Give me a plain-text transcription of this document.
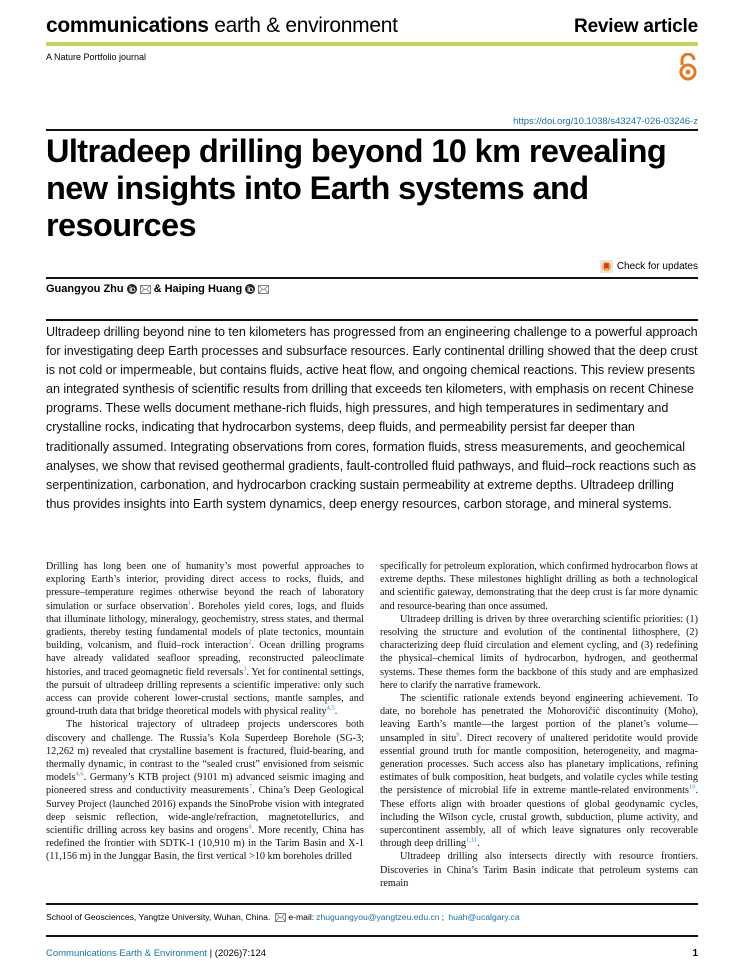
communications earth & environment	Review article
A Nature Portfolio journal
https://doi.org/10.1038/s43247-026-03246-z
Ultradeep drilling beyond 10 km revealing new insights into Earth systems and resources
Check for updates
Guangyou Zhu	& Haiping Huang

Ultradeep drilling beyond nine to ten kilometers has progressed from an engineering challenge to a powerful approach for investigating deep Earth processes and subsurface resources. Early continental drilling showed that the deep crust is not cold or impermeable, but contains fluids, active heat flow, and ongoing chemical reactions. This review presents an integrated synthesis of scientific results from drilling that exceeds ten kilometers, with emphasis on recent Chinese programs. These wells document methane-rich fluids, high pressures, and high temperatures in sedimentary and crystalline rocks, indicating that hydrocarbon systems, deep fluids, and permeability persist far deeper than traditionally assumed. Integrating observations from cores, formation fluids, stress measurements, and geochemical analyses, we show that revised geothermal gradients, fault-controlled fluid pathways, and fluid–rock reactions such as serpentinization, carbonation, and hydrocarbon cracking sustain permeability at extreme depths. Ultradeep drilling thus provides insights into Earth system dynamics, deep energy resources, carbon storage, and mineral systems.

Drilling has long been one of humanity’s most powerful approaches to exploring Earth’s interior, providing direct access to rocks, fluids, and pressure–temperature regimes otherwise beyond the reach of laboratory simulation or surface observation$^1$. Boreholes yield cores, logs, and fluids that illuminate lithology, mineralogy, geochemistry, stress states, and thermal gradients, thereby testing fundamental models of plate tectonics, mountain building, volcanism, and fluid–rock interaction$^2$. Ocean drilling programs have already validated seafloor spreading, reconstructed paleoclimate histories, and traced geomagnetic field reversals$^3$. Yet for continental settings, the pursuit of ultradeep drilling represents a scientific imperative: only such access can provide coherent lower-crustal sections, mantle samples, and ground-truth data that bridge theoretical models with physical reality$^{4,5}$.

The historical trajectory of ultradeep projects underscores both discovery and challenge. The Russia’s Kola Superdeep Borehole (SG-3; 12,262 m) revealed that crystalline basement is fractured, fluid-bearing, and thermally dynamic, in contrast to the “sealed crust” envisioned from seismic models$^{4,6}$. Germany’s KTB project (9101 m) advanced seismic imaging and pioneered stress and conductivity measurements$^7$. China’s Deep Geological Survey Project (launched 2016) expands the SinoProbe vision with integrated deep seismic reflection, wide-angle/refraction, magnetotellurics, and scientific drilling across key basins and orogens$^8$. More recently, China has redefined the frontier with SDTK-1 (10,910 m) in the Tarim Basin and X-1 (11,156 m) in the Junggar Basin, the first vertical >10 km boreholes drilled

specifically for petroleum exploration, which confirmed hydrocarbon flows at extreme depths. These milestones highlight drilling as both a technological and scientific gateway, demonstrating that the deep crust is far more dynamic and resource-bearing than once assumed.

Ultradeep drilling is driven by three overarching scientific priorities: (1) resolving the structure and evolution of the continental lithosphere, (2) characterizing deep fluid circulation and element cycling, and (3) redefining the physical–chemical limits of hydrocarbon, hydrogen, and geothermal systems. These themes form the backbone of this study and are emphasized here to clarify the narrative framework.

The scientific rationale extends beyond engineering achievement. To date, no borehole has penetrated the Mohorovičić discontinuity (Moho), leaving Earth’s mantle—the largest portion of the planet’s volume—unsampled in situ$^9$. Direct recovery of unaltered peridotite would provide essential ground truth for mantle composition, heterogeneity, and magma-generation processes. Such access also has planetary implications, refining estimates of bulk composition, heat budgets, and volatile cycles while testing the persistence of microbial life in extreme mantle-related environments$^{10}$. These efforts align with broader questions of global geodynamic cycles, including the Wilson cycle, crustal growth, subduction, plume activity, and supercontinent assembly, all of which leave signatures only recoverable through deep drilling$^{1,11}$.

Ultradeep drilling also intersects directly with resource frontiers. Discoveries in China’s Tarim Basin indicate that petroleum systems can remain

School of Geosciences, Yangtze University, Wuhan, China. e-mail: zhuguangyou@yangtzeu.edu.cn ; huah@ucalgary.ca
Communications Earth & Environment | (2026)7:124	1
